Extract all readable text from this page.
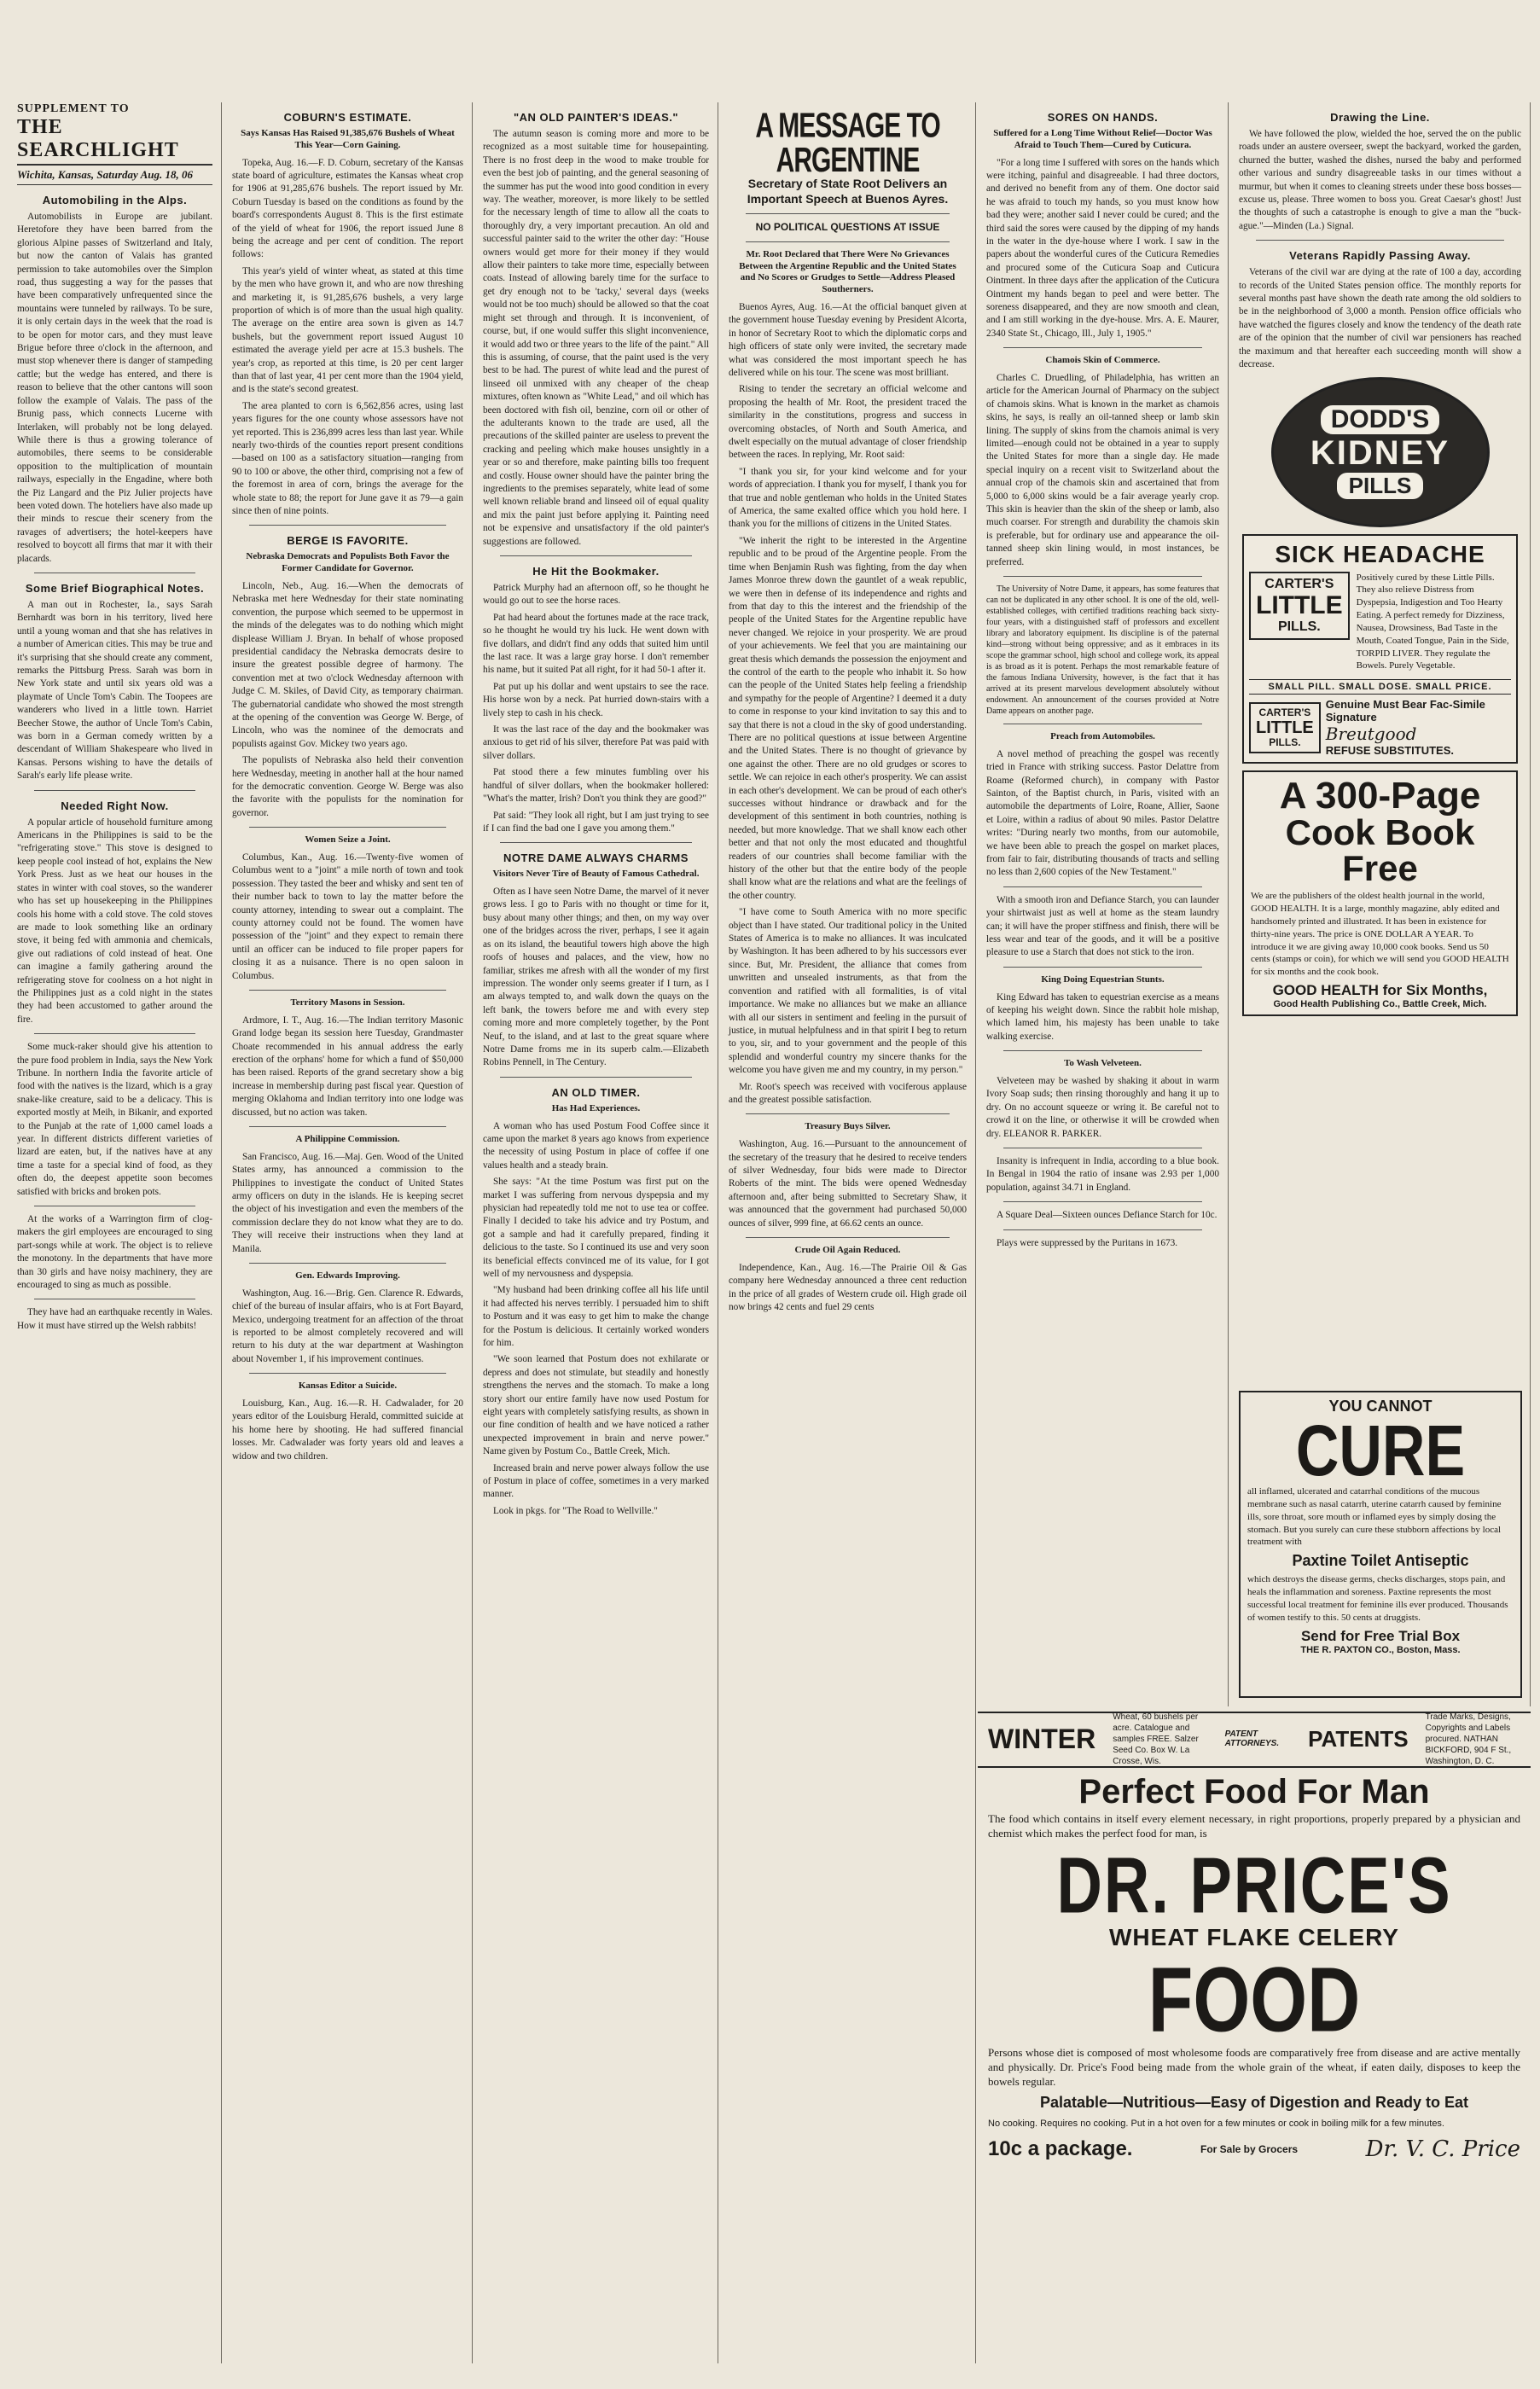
SUPPLEMENT TO
THE SEARCHLIGHT
Wichita, Kansas, Saturday Aug. 18, 06
Automobiling in the Alps.

Automobilists in Europe are jubilant. Heretofore they have been barred from the glorious Alpine passes of Switzerland and Italy, but now the canton of Valais has granted permission to take automobiles over the Simplon road, thus suggesting a way for the passes that have been comparatively unfrequented since the mountains were tunneled by railways. To be sure, it is only certain days in the week that the road is to be open for motor cars, and they must leave Brigue before three o'clock in the afternoon, and must stop whenever there is danger of stampeding cattle; but the wedge has entered, and there is reason to believe that the other cantons will soon follow the example of Valais. The pass of the Brunig pass, which connects Lucerne with Interlaken, will probably not be long delayed. While there is thus a growing tolerance of automobiles, there seems to be considerable opposition to the multiplication of mountain railways, especially in the Engadine, where both the Piz Langard and the Piz Julier projects have been voted down. The hoteliers have also made up their minds to rescue their scenery from the ravages of advertisers; the hotel-keepers have resolved to boycott all firms that mar it with their placards.

Some Brief Biographical Notes.

A man out in Rochester, Ia., says Sarah Bernhardt was born in his territory, lived here until a young woman and that she has relatives in a number of American cities. This may be true and it's surprising that she should create any comment, remarks the Pittsburg Press. Sarah was born in New York state and until six years old was a playmate of Uncle Tom's Cabin. The Toopees are wanderers who lived in a little town. Harriet Beecher Stowe, the author of Uncle Tom's Cabin, was born in a German comedy written by a descendant of William Shakespeare who lived in Kansas. Persons wishing to have the details of Sarah's early life please write.

Needed Right Now.

A popular article of household furniture among Americans in the Philippines is said to be the "refrigerating stove." This stove is designed to keep people cool instead of hot, explains the New York Press. Just as we heat our houses in the states in winter with coal stoves, so the wanderer who has set up housekeeping in the Philippines cools his home with a cold stove. The cold stoves are made to look something like an ordinary stove, it being fed with ammonia and chemicals, give out radiations of cold instead of heat. One can imagine a family gathering around the refrigerating stove for coolness on a hot night in the Philippines just as a cold night in the states they had been accustomed to gather around the fire.

Some muck-raker should give his attention to the pure food problem in India, says the New York Tribune. In northern India the favorite article of food with the natives is the lizard, which is a gray snake-like creature, said to be a delicacy. This is exported mostly at Meih, in Bikanir, and exported to the Punjab at the rate of 1,000 camel loads a year. In different districts different varieties of lizard are eaten, but, if the natives have at any time a taste for a special kind of food, as they often do, the deepest appetite soon becomes satisfied with bricks and broken pots.

At the works of a Warrington firm of clog-makers the girl employees are encouraged to sing part-songs while at work. The object is to relieve the monotony. In the departments that have more than 30 girls and have noisy machinery, they are encouraged to sing as much as possible.

They have had an earthquake recently in Wales. How it must have stirred up the Welsh rabbits!

COBURN'S ESTIMATE.
Says Kansas Has Raised 91,385,676 Bushels of Wheat This Year—Corn Gaining.

Topeka, Aug. 16.—F. D. Coburn, secretary of the Kansas state board of agriculture, estimates the Kansas wheat crop for 1906 at 91,285,676 bushels. The report issued by Mr. Coburn Tuesday is based on the conditions as found by the board's correspondents August 8. This is the first estimate of the yield of wheat for 1906, the report issued June 8 being the acreage and per cent of condition. The report follows:

This year's yield of winter wheat, as stated at this time by the men who have grown it, and who are now threshing and marketing it, is 91,285,676 bushels, a very large proportion of which is of more than the usual high quality. The average on the entire area sown is given as 14.7 bushels, but the government report issued August 10 estimated the average yield per acre at 15.3 bushels. The year's crop, as reported at this time, is 20 per cent larger than that of last year, 41 per cent more than the 1904 yield, and is the state's second greatest.

The area planted to corn is 6,562,856 acres, using last years figures for the one county whose assessors have not yet reported. This is 236,899 acres less than last year. While nearly two-thirds of the counties report present conditions—based on 100 as a satisfactory situation—ranging from 90 to 100 or above, the other third, comprising not a few of the foremost in area of corn, brings the average for the whole state to 88; the report for June gave it as 79—a gain since then of nine points.

BERGE IS FAVORITE.
Nebraska Democrats and Populists Both Favor the Former Candidate for Governor.

Lincoln, Neb., Aug. 16.—When the democrats of Nebraska met here Wednesday for their state nominating convention, the purpose which seemed to be uppermost in the minds of the delegates was to do nothing which might displease William J. Bryan. In behalf of whose proposed presidential candidacy the Nebraska democrats desire to insure the greatest possible degree of harmony. The convention met at two o'clock Wednesday afternoon with Judge C. M. Skiles, of David City, as temporary chairman. The gubernatorial candidate who showed the most strength at the opening of the convention was George W. Berge, of Lincoln, who was the nominee of the democrats and populists against Gov. Mickey two years ago.

The populists of Nebraska also held their convention here Wednesday, meeting in another hall at the hour named for the democratic convention. George W. Berge was also the favorite with the populists for the nomination for governor.

Women Seize a Joint.

Columbus, Kan., Aug. 16.—Twenty-five women of Columbus went to a "joint" a mile north of town and took possession. They tasted the beer and whisky and sent ten of their number back to town to lay the matter before the county attorney, intending to swear out a complaint. The county attorney could not be found. The women have possession of the "joint" and they expect to remain there until an officer can be induced to file proper papers for closing it as a nuisance. There is no open saloon in Columbus.

Territory Masons in Session.

Ardmore, I. T., Aug. 16.—The Indian territory Masonic Grand lodge began its session here Tuesday, Grandmaster Choate recommended in his annual address the early erection of the orphans' home for which a fund of $50,000 has been raised. Reports of the grand secretary show a big increase in membership during past fiscal year. Question of merging Oklahoma and Indian territory into one lodge was discussed, but no action was taken.

A Philippine Commission.

San Francisco, Aug. 16.—Maj. Gen. Wood of the United States army, has announced a commission to the Philippines to investigate the conduct of United States army officers on duty in the islands. He is keeping secret the object of his investigation and even the members of the commission declare they do not know what they are to do. They will receive their instructions when they land at Manila.

Gen. Edwards Improving.

Washington, Aug. 16.—Brig. Gen. Clarence R. Edwards, chief of the bureau of insular affairs, who is at Fort Bayard, Mexico, undergoing treatment for an affection of the throat is reported to be almost completely recovered and will return to his duty at the war department at Washington about November 1, if his improvement continues.

Kansas Editor a Suicide.

Louisburg, Kan., Aug. 16.—R. H. Cadwalader, for 20 years editor of the Louisburg Herald, committed suicide at his home here by shooting. He had suffered financial losses. Mr. Cadwalader was forty years old and leaves a widow and two children.

"AN OLD PAINTER'S IDEAS."

The autumn season is coming more and more to be recognized as a most suitable time for housepainting. There is no frost deep in the wood to make trouble for even the best job of painting, and the general seasoning of the summer has put the wood into good condition in every way. The weather, moreover, is more likely to be settled for the necessary length of time to allow all the coats to thoroughly dry, a very important precaution. An old and successful painter said to the writer the other day: "House owners would get more for their money if they would allow their painters to take more time, especially between coats. Instead of allowing barely time for the surface to get dry enough not to be 'tacky,' several days (weeks would not be too much) should be allowed so that the coat might set through and through. It is inconvenient, of course, but, if one would suffer this slight inconvenience, it would add two or three years to the life of the paint." All this is assuming, of course, that the paint used is the very best to be had. The purest of white lead and the purest of linseed oil unmixed with any cheaper of the cheap mixtures, often known as "White Lead," and oil which has been doctored with fish oil, benzine, corn oil or other of the adulterants known to the trade are used, all the precautions of the skilled painter are useless to prevent the cracking and peeling which make houses unsightly in a year or so and therefore, make painting bills too frequent and costly. House owner should have the painter bring the ingredients to the premises separately, white lead of some well known reliable brand and linseed oil of equal quality and mix the paint just before applying it. Painting need not be expensive and unsatisfactory if the old painter's suggestions are followed.

He Hit the Bookmaker.

Patrick Murphy had an afternoon off, so he thought he would go out to see the horse races.

Pat had heard about the fortunes made at the race track, so he thought he would try his luck. He went down with five dollars, and didn't find any odds that suited him until the last race. It was a large gray horse. I don't remember his name, but it suited Pat all right, for it had 50-1 after it.

Pat put up his dollar and went upstairs to see the race. His horse won by a neck. Pat hurried down-stairs with a lively step to cash in his check.

It was the last race of the day and the bookmaker was anxious to get rid of his silver, therefore Pat was paid with silver dollars.

Pat stood there a few minutes fumbling over his handful of silver dollars, when the bookmaker hollered: "What's the matter, Irish? Don't you think they are good?"

Pat said: "They look all right, but I am just trying to see if I can find the bad one I gave you among them."

NOTRE DAME ALWAYS CHARMS
Visitors Never Tire of Beauty of Famous Cathedral.

Often as I have seen Notre Dame, the marvel of it never grows less. I go to Paris with no thought or time for it, busy about many other things; and then, on my way over one of the bridges across the river, perhaps, I see it again as on its island, the beautiful towers high above the high roofs of houses and palaces, and the view, how no familiar, strikes me afresh with all the wonder of my first impression. The wonder only seems greater if I turn, as I am always tempted to, and walk down the quays on the left bank, the towers before me and with every step coming more and more completely together, by the Pont Neuf, to the island, and at last to the great square where Notre Dame froms me in its superb calm.—Elizabeth Robins Pennell, in The Century.

AN OLD TIMER.
Has Had Experiences.

A woman who has used Postum Food Coffee since it came upon the market 8 years ago knows from experience the necessity of using Postum in place of coffee if one values health and a steady brain.

She says: "At the time Postum was first put on the market I was suffering from nervous dyspepsia and my physician had repeatedly told me not to use tea or coffee. Finally I decided to take his advice and try Postum, and got a sample and had it carefully prepared, finding it delicious to the taste. So I continued its use and very soon its beneficial effects convinced me of its value, for I got well of my nervousness and dyspepsia.

"My husband had been drinking coffee all his life until it had affected his nerves terribly. I persuaded him to shift to Postum and it was easy to get him to make the change for the Postum is delicious. It certainly worked wonders for him.

"We soon learned that Postum does not exhilarate or depress and does not stimulate, but steadily and honestly strengthens the nerves and the stomach. To make a long story short our entire family have now used Postum for eight years with completely satisfying results, as shown in our fine condition of health and we have noticed a rather unexpected improvement in brain and nerve power." Name given by Postum Co., Battle Creek, Mich.

Increased brain and nerve power always follow the use of Postum in place of coffee, sometimes in a very marked manner.

Look in pkgs. for "The Road to Wellville."

A MESSAGE TO ARGENTINE
Secretary of State Root Delivers an Important Speech at Buenos Ayres.
NO POLITICAL QUESTIONS AT ISSUE
Mr. Root Declared that There Were No Grievances Between the Argentine Republic and the United States and No Scores or Grudges to Settle—Address Pleased Southerners.

Buenos Ayres, Aug. 16.—At the official banquet given at the government house Tuesday evening by President Alcorta, in honor of Secretary Root to which the diplomatic corps and high officers of state only were invited, the secretary made what was considered the most important speech he has delivered while on his tour. The scene was most brilliant.

Rising to tender the secretary an official welcome and proposing the health of Mr. Root, the president traced the similarity in the constitutions, progress and success in overcoming obstacles, of North and South America, and dwelt especially on the mutual advantage of closer friendship between the races. In replying, Mr. Root said:

"I thank you sir, for your kind welcome and for your words of appreciation. I thank you for myself, I thank you for that true and noble gentleman who holds in the United States of America, the same exalted office which you hold here. I thank you for the millions of citizens in the United States.

"We inherit the right to be interested in the Argentine republic and to be proud of the Argentine people. From the time when Benjamin Rush was fighting, from the day when James Monroe threw down the gauntlet of a weak republic, we were then in defense of its independence and rights and from that day to this the interest and the friendship of the people of the United States for the Argentine republic have never changed. We rejoice in your prosperity. We are proud of your achievements. We feel that you are maintaining our great thesis which demands the possession the enjoyment and the control of the earth to the people who inhabit it. So how can the people of the United States help feeling a friendship and sympathy for the people of Argentine? I deemed it a duty to come in response to your kind invitation to say this and to say that there is not a cloud in the sky of good understanding. There are no political questions at issue between Argentine and the United States. There is no thought of grievance by one against the other. There are no old grudges or scores to settle. We can rejoice in each other's prosperity. We can assist in each other's development. We can be proud of each other's successes without hindrance or drawback and for the development of this sentiment in both countries, nothing is needed, but more knowledge. That we shall know each other better and that not only the most educated and thoughtful readers of our countries shall become familiar with the history of the other but that the entire body of the people shall know what are the relations and what are the feelings of the other country.

"I have come to South America with no more specific object than I have stated. Our traditional policy in the United States of America is to make no alliances. It was inculcated by Washington. It has been adhered to by his successors ever since. But, Mr. President, the alliance that comes from unwritten and unsealed instruments, as that from the convention and ratified with all formalities, is of vital importance. We make no alliances but we make an alliance with all our sisters in sentiment and feeling in the pursuit of justice, in mutual helpfulness and in that spirit I beg to return to you, sir, and to your government and the people of this splendid and wonderful country my sincere thanks for the welcome you have given me and my country, in my person."

Mr. Root's speech was received with vociferous applause and the greatest possible satisfaction.

Treasury Buys Silver.

Washington, Aug. 16.—Pursuant to the announcement of the secretary of the treasury that he desired to receive tenders of silver Wednesday, four bids were made to Director Roberts of the mint. The bids were opened Wednesday afternoon and, after being submitted to Secretary Shaw, it was announced that the government had purchased 50,000 ounces of silver, 999 fine, at 66.62 cents an ounce.

Crude Oil Again Reduced.

Independence, Kan., Aug. 16.—The Prairie Oil & Gas company here Wednesday announced a three cent reduction in the price of all grades of Western crude oil. High grade oil now brings 42 cents and fuel 29 cents

SORES ON HANDS.
Suffered for a Long Time Without Relief—Doctor Was Afraid to Touch Them—Cured by Cuticura.

"For a long time I suffered with sores on the hands which were itching, painful and disagreeable. I had three doctors, and derived no benefit from any of them. One doctor said he was afraid to touch my hands, so you must know how bad they were; another said I never could be cured; and the third said the sores were caused by the dipping of my hands in the water in the dye-house where I work. I saw in the papers about the wonderful cures of the Cuticura Remedies and procured some of the Cuticura Soap and Cuticura Ointment. In three days after the application of the Cuticura Ointment my hands began to peel and were better. The soreness disappeared, and they are now smooth and clean, and I am still working in the dye-house. Mrs. A. E. Maurer, 2340 State St., Chicago, Ill., July 1, 1905."

Chamois Skin of Commerce.

Charles C. Druedling, of Philadelphia, has written an article for the American Journal of Pharmacy on the subject of chamois skins. What is known in the market as chamois skins, he says, is really an oil-tanned sheep or lamb skin lining. The supply of skins from the chamois animal is very limited—enough could not be obtained in a year to supply the United States for more than a single day. He made special inquiry on a recent visit to Switzerland about the annual crop of the chamois skin and ascertained that from 5,000 to 6,000 skins would be a fair average yearly crop. This skin is heavier than the skin of the sheep or lamb, also much coarser. For strength and durability the chamois skin is preferable, but for ordinary use and appearance the oil-tanned sheep skin lining would, in most instances, be preferred.

The University of Notre Dame, it appears, has some features that can not be duplicated in any other school. It is one of the old, well-established colleges, with certified traditions reaching back sixty-four years, with a distinguished staff of professors and excellent library and laboratory equipment. Its discipline is of the paternal kind—strong without being oppressive; and as it embraces in its scope the grammar school, high school and college work, its appeal is as broad as it is potent. Perhaps the most remarkable feature of the famous Indiana University, however, is the fact that it has arrived at its present marvelous development absolutely without endowment. An announcement of the courses provided at Notre Dame appears on another page.

Preach from Automobiles.

A novel method of preaching the gospel was recently tried in France with striking success. Pastor Delattre from Roame (Reformed church), in company with Pastor Sainton, of the Baptist church, in Paris, visited with an automobile the departments of Loire, Roane, Allier, Saone et Loire, within a radius of about 90 miles. Pastor Delattre writes: "During nearly two months, from our automobile, we have been able to preach the gospel on market places, from fair to fair, distributing thousands of tracts and selling no less than 2,600 copies of the New Testament."

With a smooth iron and Defiance Starch, you can launder your shirtwaist just as well at home as the steam laundry can; it will have the proper stiffness and finish, there will be less wear and tear of the goods, and it will be a positive pleasure to use a Starch that does not stick to the iron.

King Doing Equestrian Stunts.

King Edward has taken to equestrian exercise as a means of keeping his weight down. Since the rabbit hole mishap, which lamed him, his majesty has been unable to take walking exercise.

To Wash Velveteen.

Velveteen may be washed by shaking it about in warm Ivory Soap suds; then rinsing thoroughly and hang it up to dry. On no account squeeze or wring it. Be careful not to crowd it on the line, or otherwise it will be crowded when dry. ELEANOR R. PARKER.

Insanity is infrequent in India, according to a blue book. In Bengal in 1904 the ratio of insane was 2.93 per 1,000 population, against 34.71 in England.

A Square Deal—Sixteen ounces Defiance Starch for 10c.

Plays were suppressed by the Puritans in 1673.

Drawing the Line.

We have followed the plow, wielded the hoe, served the on the public roads under an austere overseer, swept the backyard, worked the garden, churned the butter, washed the dishes, nursed the baby and performed other various and sundry disagreeable tasks in our times without a murmur, but when it comes to cleaning streets under these boss bosses—excuse us, please. Three women to boss you. Great Caesar's ghost! Just the thoughts of such a catastrophe is enough to give a man the "buck-ague."—Minden (La.) Signal.

Veterans Rapidly Passing Away.

Veterans of the civil war are dying at the rate of 100 a day, according to records of the United States pension office. The monthly reports for several months past have shown the death rate among the old soldiers to be in the neighborhood of 3,000 a month. Pension office officials who have watched the figures closely and know the tendency of the death rate are of the opinion that the number of civil war pensioners has reached the maximum and that hereafter each succeeding month will show a decrease.

DODD'S
KIDNEY
PILLS
SICK HEADACHE
CARTER'S
LITTLE
PILLS.
Positively cured by these Little Pills. They also relieve Distress from Dyspepsia, Indigestion and Too Hearty Eating. A perfect remedy for Dizziness, Nausea, Drowsiness, Bad Taste in the Mouth, Coated Tongue, Pain in the Side, TORPID LIVER. They regulate the Bowels. Purely Vegetable.
SMALL PILL. SMALL DOSE. SMALL PRICE.
CARTER'S
LITTLE
PILLS.
Genuine Must Bear Fac-Simile Signature
Breutgood
REFUSE SUBSTITUTES.
A 300-Page
Cook Book Free
We are the publishers of the oldest health journal in the world, GOOD HEALTH. It is a large, monthly magazine, ably edited and handsomely printed and illustrated. It has been in existence for thirty-nine years. The price is ONE DOLLAR A YEAR. To introduce it we are giving away 10,000 cook books. Send us 50 cents (stamps or coin), for which we will send you GOOD HEALTH for six months and the cook book.
GOOD HEALTH for Six Months,
Good Health Publishing Co., Battle Creek, Mich.
YOU CANNOT
CURE
all inflamed, ulcerated and catarrhal conditions of the mucous membrane such as nasal catarrh, uterine catarrh caused by feminine ills, sore throat, sore mouth or inflamed eyes by simply dosing the stomach. But you surely can cure these stubborn affections by local treatment with
Paxtine Toilet Antiseptic
which destroys the disease germs, checks discharges, stops pain, and heals the inflammation and soreness. Paxtine represents the most successful local treatment for feminine ills ever produced. Thousands of women testify to this. 50 cents at druggists.
Send for Free Trial Box
THE R. PAXTON CO., Boston, Mass.
WINTER
Wheat, 60 bushels per acre. Catalogue and samples FREE. Salzer Seed Co. Box W. La Crosse, Wis.
PATENT ATTORNEYS.	PATENTS
Trade Marks, Designs, Copyrights and Labels procured. NATHAN BICKFORD, 904 F St., Washington, D. C.
Perfect Food For Man

The food which contains in itself every element necessary, in right proportions, properly prepared by a physician and chemist which makes the perfect food for man, is

DR. PRICE'S
WHEAT FLAKE CELERY
FOOD

Persons whose diet is composed of most wholesome foods are comparatively free from disease and are active mentally and physically. Dr. Price's Food being made from the whole grain of the wheat, if eaten daily, disposes to keep the bowels regular.

Palatable—Nutritious—Easy of Digestion and Ready to Eat

No cooking. Requires no cooking. Put in a hot oven for a few minutes or cook in boiling milk for a few minutes.

10c a package.	For Sale by Grocers	Dr. V. C. Price
